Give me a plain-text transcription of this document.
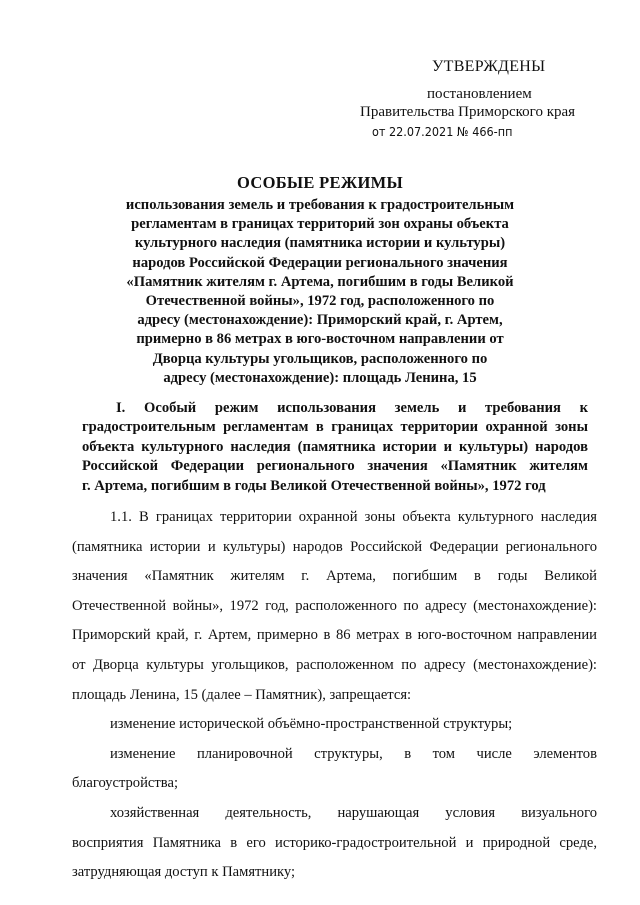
УТВЕРЖДЕНЫ
постановлением
Правительства Приморского края
от 22.07.2021 № 466-пп
ОСОБЫЕ РЕЖИМЫ
использования земель и требования к градостроительным
регламентам в границах территорий зон охраны объекта
культурного наследия (памятника истории и культуры)
народов Российской Федерации регионального значения
«Памятник жителям г. Артема, погибшим в годы Великой
Отечественной войны», 1972 год, расположенного по
адресу (местонахождение): Приморский край, г. Артем,
примерно в 86 метрах в юго-восточном направлении от
Дворца культуры угольщиков, расположенного по
адресу (местонахождение): площадь Ленина, 15
I. Особый режим использования земель и требования к
градостроительным регламентам в границах территории охранной зоны
объекта культурного наследия (памятника истории и культуры) народов
Российской Федерации регионального значения «Памятник жителям
г. Артема, погибшим в годы Великой Отечественной войны», 1972 год
1.1. В границах территории охранной зоны объекта культурного наследия
(памятника истории и культуры) народов Российской Федерации регионального
значения «Памятник жителям г. Артема, погибшим в годы Великой
Отечественной войны», 1972 год, расположенного по адресу (местонахождение):
Приморский край, г. Артем, примерно в 86 метрах в юго-восточном направлении
от Дворца культуры угольщиков, расположенном по адресу (местонахождение):
площадь Ленина, 15 (далее – Памятник), запрещается:
изменение исторической объёмно-пространственной структуры;
изменение планировочной структуры, в том числе элементов
благоустройства;
хозяйственная деятельность, нарушающая условия визуального
восприятия Памятника в его историко-градостроительной и природной среде,
затрудняющая доступ к Памятнику;
